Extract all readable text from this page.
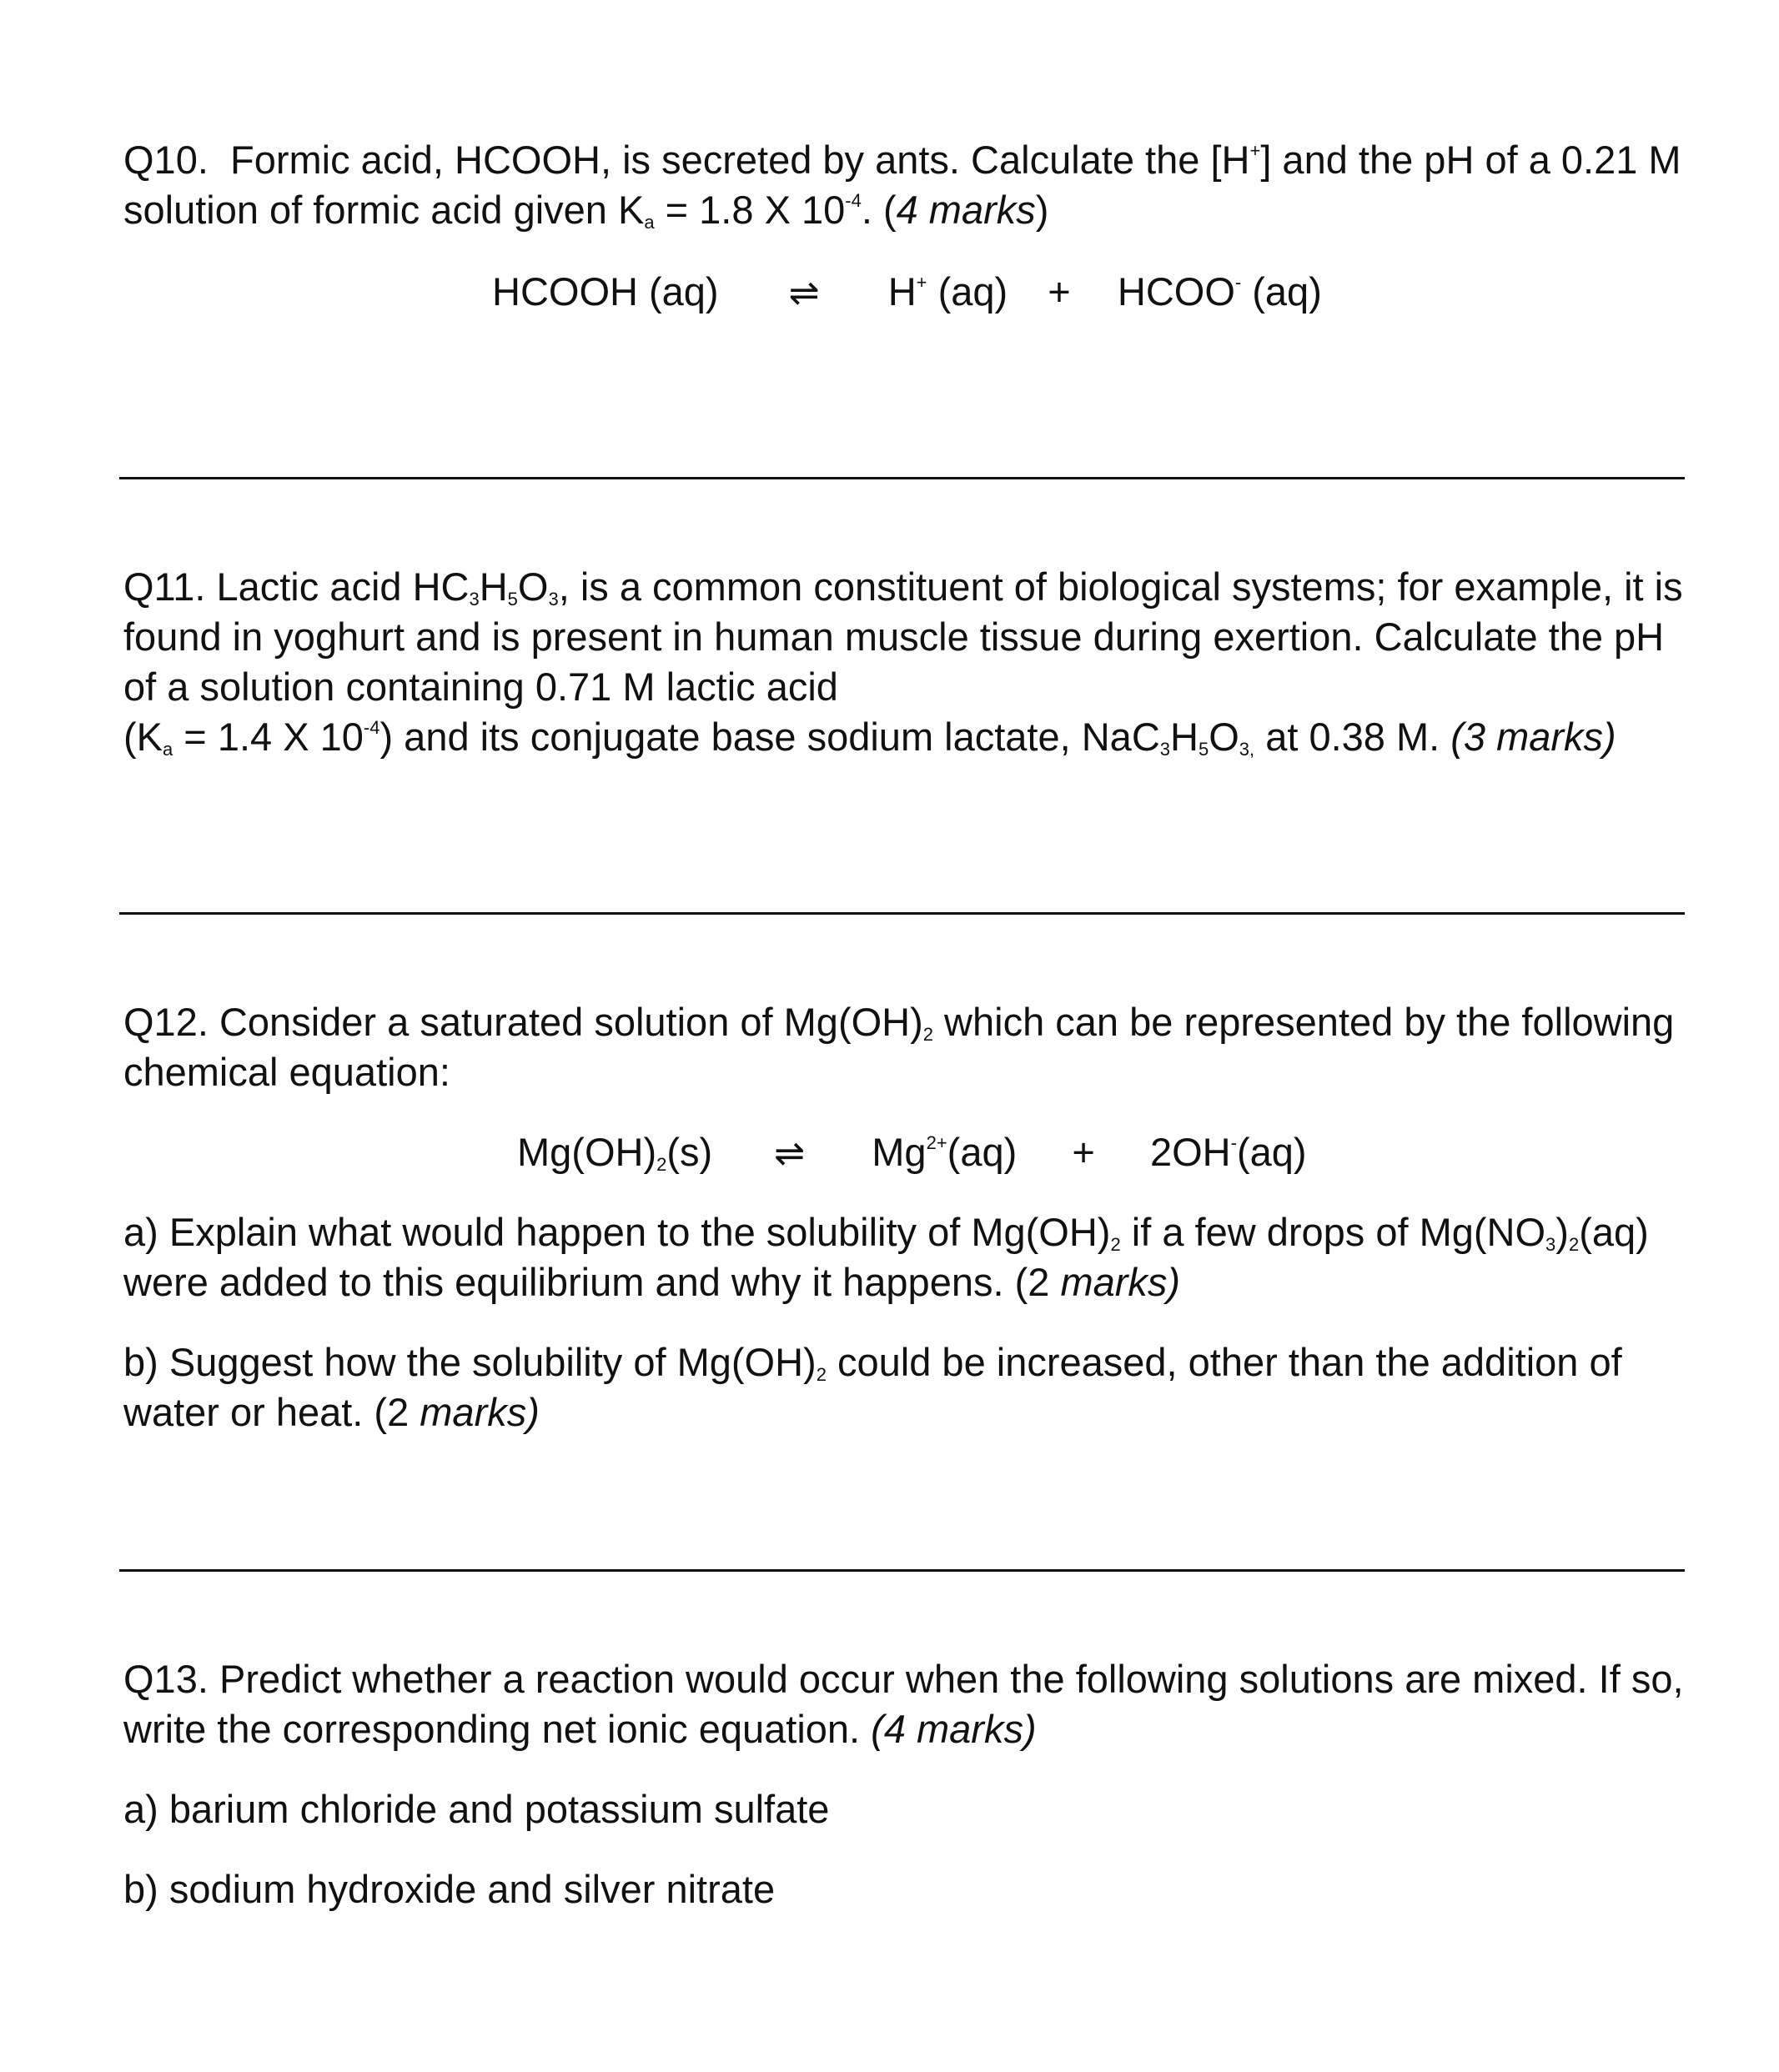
Q10. Formic acid, HCOOH, is secreted by ants. Calculate the [H+] and the pH of a 0.21 M solution of formic acid given $K_a = 1.8$ X $10^{-4}$. (4 marks)

HCOOH (aq) ⇌ H+ (aq) + HCOO- (aq)

Q11. Lactic acid $HC_3H_5O_3$, is a common constituent of biological systems; for example, it is found in yoghurt and is present in human muscle tissue during exertion. Calculate the pH of a solution containing 0.71 M lactic acid
($K_a = 1.4$ X $10^{-4}$) and its conjugate base sodium lactate, $NaC_3H_5O_{3,}$ at 0.38 M. (3 marks)

Q12. Consider a saturated solution of $Mg(OH)_2$ which can be represented by the following chemical equation:

$Mg(OH)_2(s)$ ⇌ $Mg^{2+}(aq) + 2OH^-(aq)$

a) Explain what would happen to the solubility of $Mg(OH)_2$ if a few drops of $Mg(NO_3)_2(aq)$ were added to this equilibrium and why it happens. (2 marks)

b) Suggest how the solubility of $Mg(OH)_2$ could be increased, other than the addition of water or heat. (2 marks)

Q13. Predict whether a reaction would occur when the following solutions are mixed. If so, write the corresponding net ionic equation. (4 marks)

a) barium chloride and potassium sulfate

b) sodium hydroxide and silver nitrate
